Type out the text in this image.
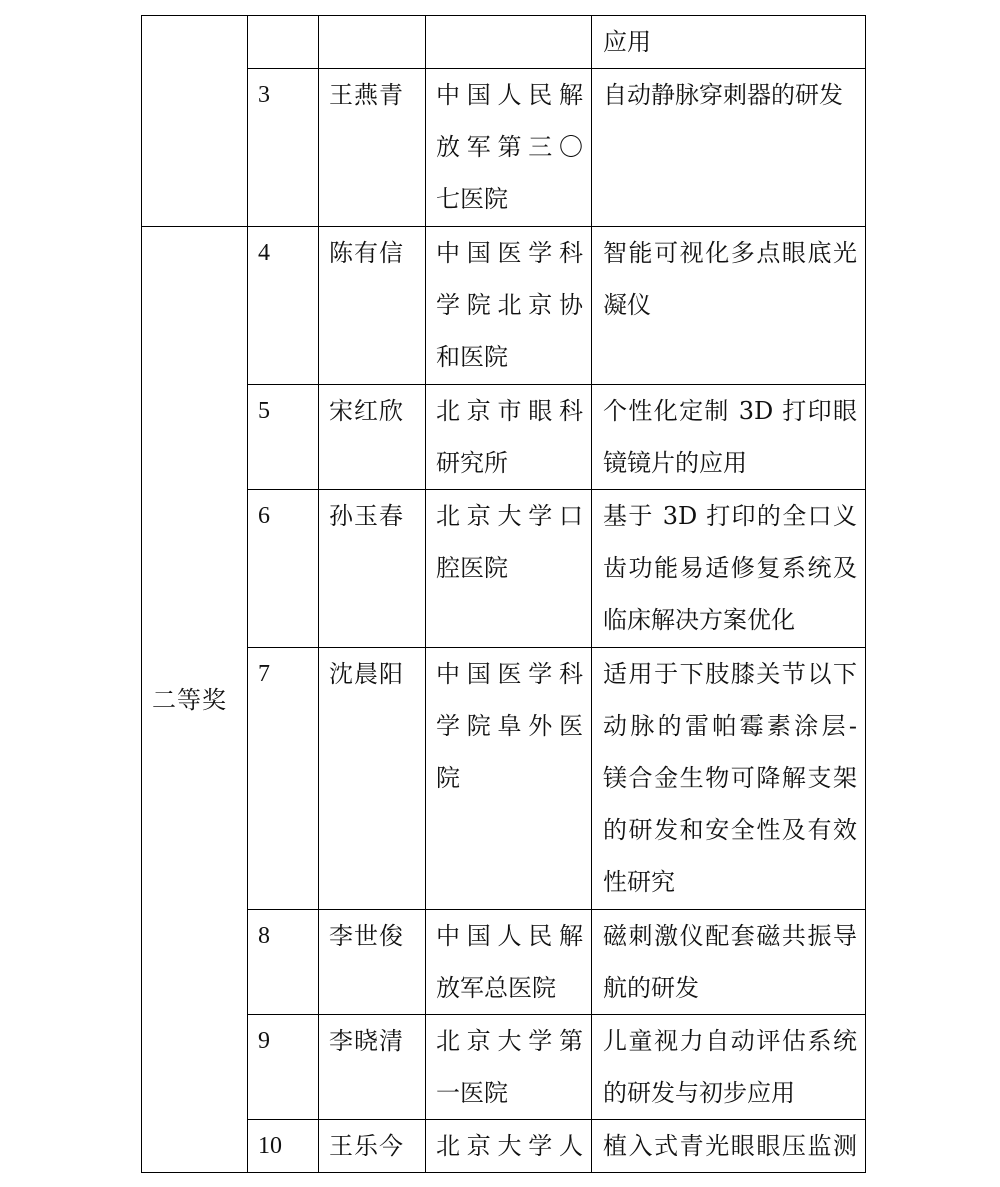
				应用

	3	王燕青	中国人民解
放军第三〇
七医院	自动静脉穿刺器的研发

二等奖	4	陈有信	中国医学科
学院北京协
和医院	智能可视化多点眼底光
凝仪

	5	宋红欣	北京市眼科
研究所	个性化定制 3D 打印眼
镜镜片的应用

	6	孙玉春	北京大学口
腔医院	基于 3D 打印的全口义
齿功能易适修复系统及
临床解决方案优化

	7	沈晨阳	中国医学科
学院阜外医
院	适用于下肢膝关节以下
动脉的雷帕霉素涂层-
镁合金生物可降解支架
的研发和安全性及有效
性研究

	8	李世俊	中国人民解
放军总医院	磁刺激仪配套磁共振导
航的研发

	9	李晓清	北京大学第
一医院	儿童视力自动评估系统
的研发与初步应用

	10	王乐今	北京大学人	植入式青光眼眼压监测
